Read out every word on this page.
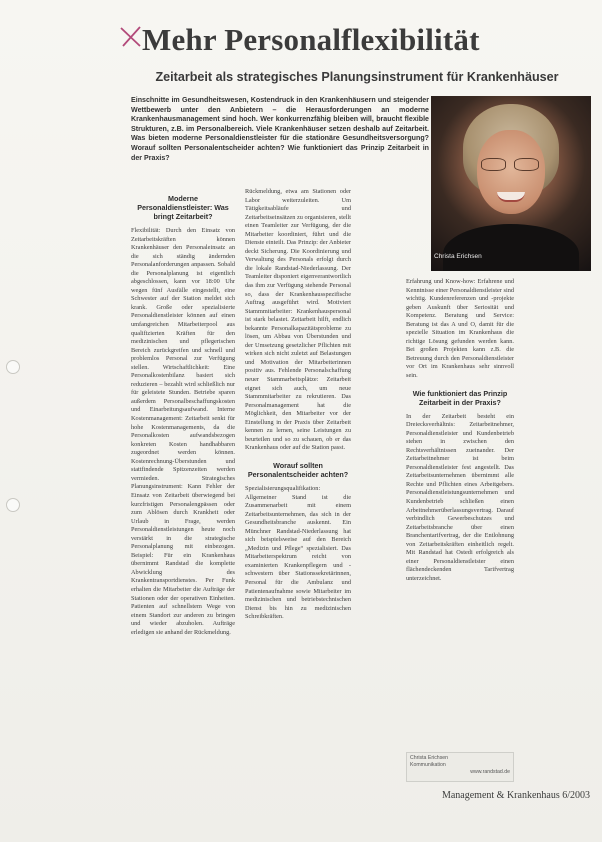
Mehr Personalflexibilität
Zeitarbeit als strategisches Planungsinstrument für Krankenhäuser
Einschnitte im Gesundheitswesen, Kostendruck in den Krankenhäusern und steigender Wettbewerb unter den Anbietern – die Herausforderungen an moderne Krankenhausmanagement sind hoch. Wer konkurrenzfähig bleiben will, braucht flexible Strukturen, z.B. im Personalbereich. Viele Krankenhäuser setzen deshalb auf Zeitarbeit. Was bieten moderne Personaldienstleister für die stationäre Gesundheitsversorgung? Worauf sollten Personalentscheider achten? Wie funktioniert das Prinzip Zeitarbeit in der Praxis?
Christa Erichsen
Moderne Personaldienstleister: Was bringt Zeitarbeit?

Flexibilität: Durch den Einsatz von Zeitarbeitskräften können Krankenhäuser den Personaleinsatz an die sich ständig ändernden Personalanforderungen anpassen. Sobald die Personalplanung ist eigentlich abgeschlossen, kann vor 18:00 Uhr wegen fünf Ausfälle eingestellt, eine Schwester auf der Station meldet sich krank. Große oder spezialisierte Personaldienstleister können auf einen umfangreichen Mitarbeiterpool aus qualifizierten Kräften für den medizinischen und pflegerischen Bereich zurückgreifen und schnell und problemlos Personal zur Verfügung stellen. Wirtschaftlichkeit: Eine Personalkostenbilanz basiert sich reduzieren – bezahlt wird schließlich nur für geleistete Stunden. Betriebe sparen außerdem Personalbeschaffungskosten und Einarbeitungsaufwand. Interne Kostenmanagement: Zeitarbeit senkt für hohe Kostenmanagements, da die Personalkosten aufwandsbezogen konkreten Kosten handhabbaren zugeordnet werden können. Kostenrechnung-Überstunden und stattfindende Spitzenzeiten werden vermieden. Strategisches Planungsinstrument: Kann Fehler der Einsatz von Zeitarbeit überwiegend bei kurzfristigen Personalengpässen oder zum Ablösen durch Krankheit oder Urlaub in Frage, werden Personaldienstleistungen heute noch verstärkt in die strategische Personalplanung mit einbezogen. Beispiel: Für ein Krankenhaus übernimmt Randstad die komplette Abwicklung des Krankentransportdienstes. Per Funk erhalten die Mitarbeiter die Aufträge der Stationen oder der operativen Einheiten. Patienten auf schnellstem Wege von einem Standort zur anderen zu bringen und wieder abzuholen. Aufträge erledigen sie anhand der Rückmeldung.

Rückmeldung, etwa am Stationen oder Labor weiterzuleiten. Um Tätigkeitsabläufe und Zeitarbeitseinsätzen zu organisieren, stellt einen Teamleiter zur Verfügung, der die Mitarbeiter koordiniert, führt und die Dienste einteilt. Das Prinzip: der Anbieter deckt Sicherung. Die Koordinierung und Verwaltung des Personals erfolgt durch die lokale Randstad-Niederlassung. Der Teamleiter disponiert eigenverantwortlich das ihm zur Verfügung stehende Personal so, dass der Krankenhausspezifische Auftrag ausgeführt wird. Motiviert Stammmitarbeiter: Krankenhauspersonal ist stark belastet. Zeitarbeit hilft, endlich bekannte Personalkapazitätsprobleme zu lösen, um Abbau von Überstunden und der Umsetzung gesetzlicher Pflichten mit wirken sich nicht zuletzt auf Belastungen und Motivation der Mitarbeiterinnen positiv aus. Fehlende Personalschaffung neuer Stammarbeitsplätze: Zeitarbeit eignet sich auch, um neue Stammmitarbeiter zu rekrutieren. Das Personalmanagement hat die Möglichkeit, den Mitarbeiter vor der Einstellung in der Praxis über Zeitarbeit kennen zu lernen, seine Leistungen zu beurteilen und so zu schauen, ob er das Krankenhaus oder auf die Station passt.

Worauf sollten Personalentscheider achten?

Spezialisierungsqualifikation: Allgemeiner Stand ist die Zusammenarbeit mit einem Zeitarbeitsunternehmen, das sich in der Gesundheitsbranche auskennt. Ein Münchner Randstad-Niederlassung hat sich beispielsweise auf den Bereich „Medizin und Pflege“ spezialisiert. Das Mitarbeiterspektrum reicht von examinierten Krankenpflegern und -schwestern über Stationssekretärinnen, Personal für die Ambulanz und Patientenaufnahme sowie Mitarbeiter im medizinischen und betriebstechnischen Dienst bis hin zu medizinischen Schreibkräften.

Erfahrung und Know-how: Erfahrene und Kenntnisse einer Personaldienstleister sind wichtig. Kundenreferenzen und -projekte geben Auskunft über Seriosität und Kompetenz. Beratung und Service: Beratung ist das A und O, damit für die spezielle Situation im Krankenhaus die richtige Lösung gefunden werden kann. Bei großen Projekten kann z.B. die Betreuung durch den Personaldienstleister vor Ort im Krankenhaus sehr sinnvoll sein.

Wie funktioniert das Prinzip Zeitarbeit in der Praxis?

In der Zeitarbeit besteht ein Dreiecksverhältnis: Zeitarbeitnehmer, Personaldienstleister und Kundenbetrieb stehen in zwischen den Rechtsverhältnissen zueinander. Der Zeitarbeitnehmer ist beim Personaldienstleister fest angestellt. Das Zeitarbeitsunternehmen übernimmt alle Rechte und Pflichten eines Arbeitgebers. Personaldienstleistungsunternehmen und Kundenbetrieb schließen einen Arbeitnehmerüberlassungsvertrag. Darauf verbindlich Gewerbeschutzes und Zeitarbeitsbranche über einen Branchentarifvertrag, der die Entlohnung von Zeitarbeitskräften einheitlich regelt. Mit Randstad hat Ostedi erfolgreich als einer Personaldienstleister einen flächendeckenden Tarifvertrag unterzeichnet.

Christa Erichsen
Kommunikation
www.randstad.de
Management & Krankenhaus 6/2003
